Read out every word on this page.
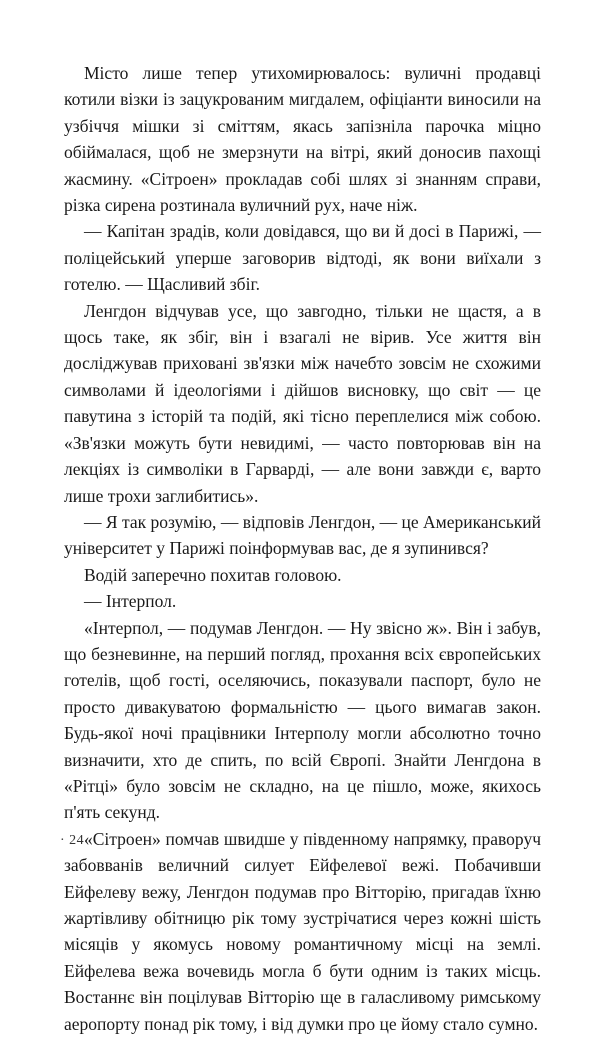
Місто лише тепер утихомирювалось: вуличні продавці котили візки із зацукрованим мигдалем, офіціанти виносили на узбіччя мішки зі сміттям, якась запізніла парочка міцно обіймалася, щоб не змерзнути на вітрі, який доносив пахощі жасмину. «Сітроен» прокладав собі шлях зі знанням справи, різка сирена розтинала вуличний рух, наче ніж.

— Капітан зрадів, коли довідався, що ви й досі в Парижі, — поліцейський уперше заговорив відтоді, як вони виїхали з готелю. — Щасливий збіг.

Ленгдон відчував усе, що завгодно, тільки не щастя, а в щось таке, як збіг, він і взагалі не вірив. Усе життя він досліджував приховані зв'язки між начебто зовсім не схожими символами й ідеологіями і дійшов висновку, що світ — це павутина з історій та подій, які тісно переплелися між собою. «Зв'язки можуть бути невидимі, — часто повторював він на лекціях із символіки в Гарварді, — але вони завжди є, варто лише трохи заглибитись».

— Я так розумію, — відповів Ленгдон, — це Американський університет у Парижі поінформував вас, де я зупинився?

Водій заперечно похитав головою.

— Інтерпол.

«Інтерпол, — подумав Ленгдон. — Ну звісно ж». Він і забув, що безневинне, на перший погляд, прохання всіх європейських готелів, щоб гості, оселяючись, показували паспорт, було не просто дивакуватою формальністю — цього вимагав закон. Будь-якої ночі працівники Інтерполу могли абсолютно точно визначити, хто де спить, по всій Європі. Знайти Ленгдона в «Рітці» було зовсім не складно, на це пішло, може, якихось п'ять секунд.

«Сітроен» помчав швидше у південному напрямку, праворуч забовванів величний силует Ейфелевої вежі. Побачивши Ейфелеву вежу, Ленгдон подумав про Вітторію, пригадав їхню жартівливу обітницю рік тому зустрічатися через кожні шість місяців у якомусь новому романтичному місці на землі. Ейфелева вежа вочевидь могла б бути одним із таких місць. Востаннє він поцілував Вітторію ще в галасливому римському аеропорту понад рік тому, і від думки про це йому стало сумно.

· 24
